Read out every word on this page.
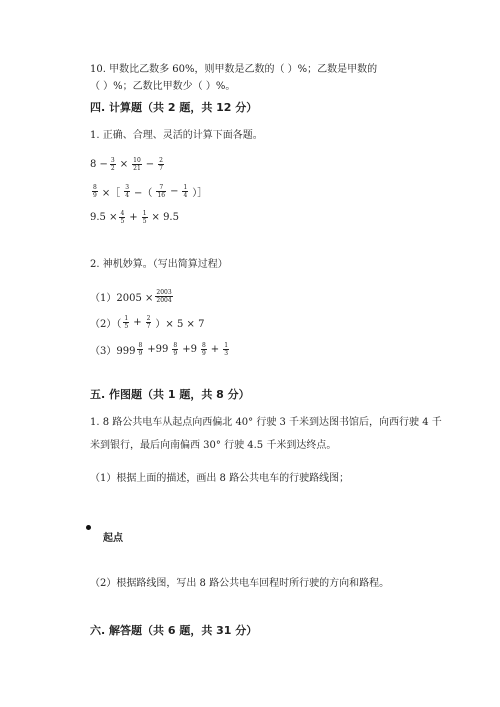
10. 甲数比乙数多 60%，则甲数是乙数的（ ）%；乙数是甲数的
（ ）%；乙数比甲数少（ ）%。
四. 计算题（共 2 题，共 12 分）
1. 正确、合理、灵活的计算下面各题。
$8 - \frac{3}{2} \times \frac{10}{21} - \frac{2}{7}$
$\frac{8}{9}$ ×［ $\frac{3}{4}$ −（ $\frac{7}{16} - \frac{1}{4}$ ）］
$9.5 \times \frac{4}{5} + \frac{1}{5} \times 9.5$
2. 神机妙算。（写出简算过程）
$(1)2005 \times \frac{2003}{2004}$
$(2)( \frac{1}{5} + \frac{2}{7}$ ）× 5 × 7
$(3)999 \frac{8}{9} +99 \frac{8}{9} +9 \frac{8}{9} + \frac{1}{3}$
五. 作图题（共 1 题，共 8 分）
1. 8 路公共电车从起点向西偏北 40° 行驶 3 千米到达图书馆后，向西行驶 4 千
米到银行，最后向南偏西 30° 行驶 4.5 千米到达终点。
（1）根据上面的描述，画出 8 路公共电车的行驶路线图；
起点
（2）根据路线图，写出 8 路公共电车回程时所行驶的方向和路程。
六. 解答题（共 6 题，共 31 分）
